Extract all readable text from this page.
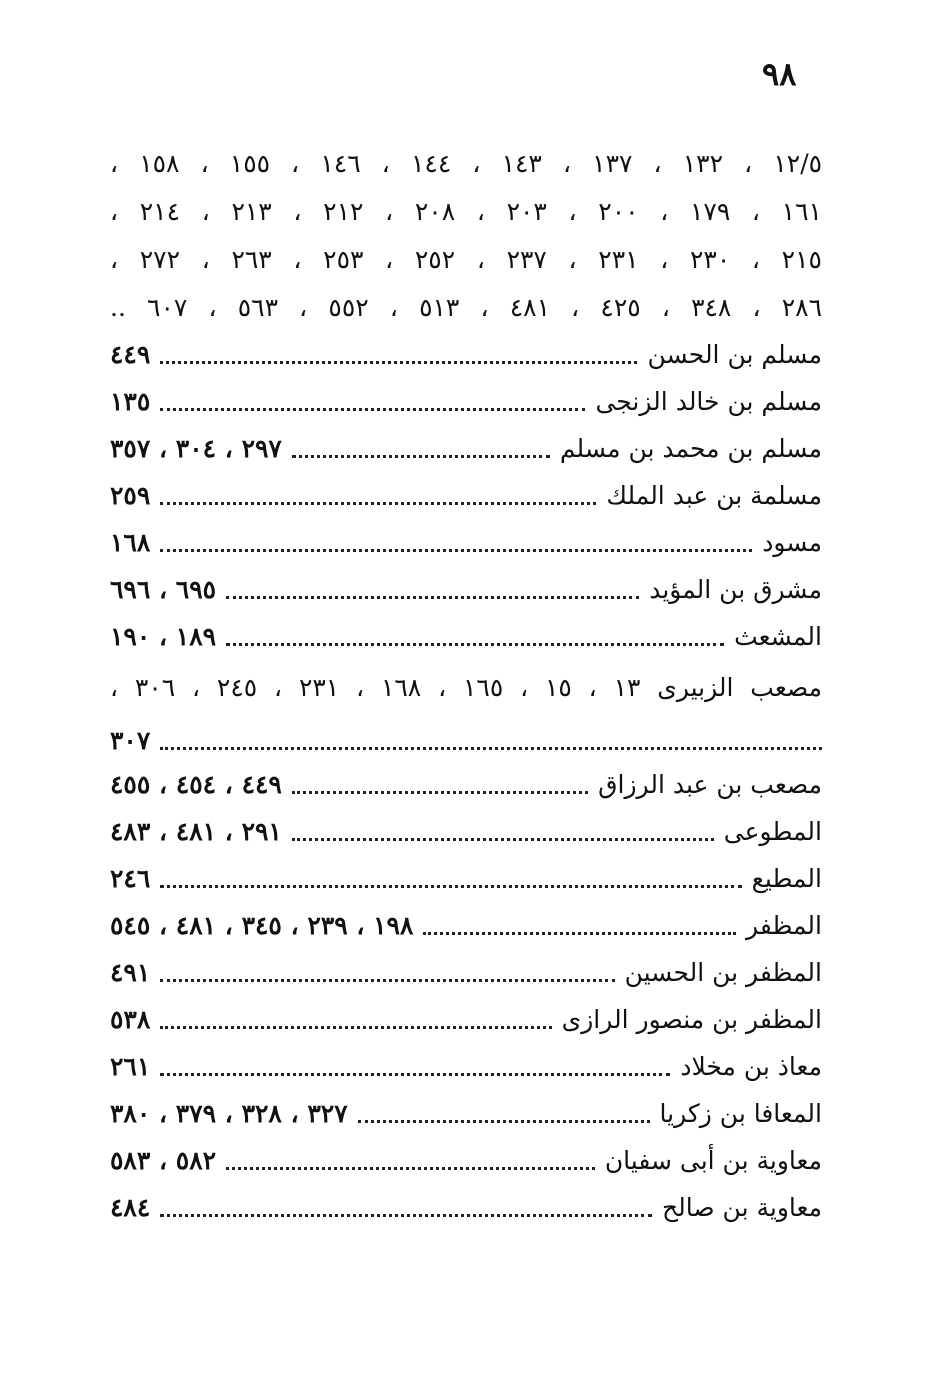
٩٨
١٢/٥ ، ١٣٢ ، ١٣٧ ، ١٤٣ ، ١٤٤ ، ١٤٦ ، ١٥٥ ، ١٥٨ ،
١٦١ ، ١٧٩ ، ٢٠٠ ، ٢٠٣ ، ٢٠٨ ، ٢١٢ ، ٢١٣ ، ٢١٤ ،
٢١٥ ، ٢٣٠ ، ٢٣١ ، ٢٣٧ ، ٢٥٢ ، ٢٥٣ ، ٢٦٣ ، ٢٧٢ ،
٢٨٦ ، ٣٤٨ ، ٤٢٥ ، ٤٨١ ، ٥١٣ ، ٥٥٢ ، ٥٦٣ ، ٦٠٧ ..
مسلم بن الحسن
٤٤٩
مسلم بن خالد الزنجى
١٣٥
مسلم بن محمد بن مسلم
٢٩٧ ، ٣٠٤ ، ٣٥٧
مسلمة بن عبد الملك
٢٥٩
مسود
١٦٨
مشرق بن المؤيد
٦٩٥ ، ٦٩٦
المشعث
١٨٩ ، ١٩٠
مصعب الزبيرى ١٣ ، ١٥ ، ١٦٥ ، ١٦٨ ، ٢٣١ ، ٢٤٥ ، ٣٠٦ ،
٣٠٧
مصعب بن عبد الرزاق
٤٤٩ ، ٤٥٤ ، ٤٥٥
المطوعى
٢٩١ ، ٤٨١ ، ٤٨٣
المطيع
٢٤٦
المظفر
١٩٨ ، ٢٣٩ ، ٣٤٥ ، ٤٨١ ، ٥٤٥
المظفر بن الحسين
٤٩١
المظفر بن منصور الرازى
٥٣٨
معاذ بن مخلاد
٢٦١
المعافا بن زكريا
٣٢٧ ، ٣٢٨ ، ٣٧٩ ، ٣٨٠
معاوية بن أبى سفيان
٥٨٢ ، ٥٨٣
معاوية بن صالح
٤٨٤
